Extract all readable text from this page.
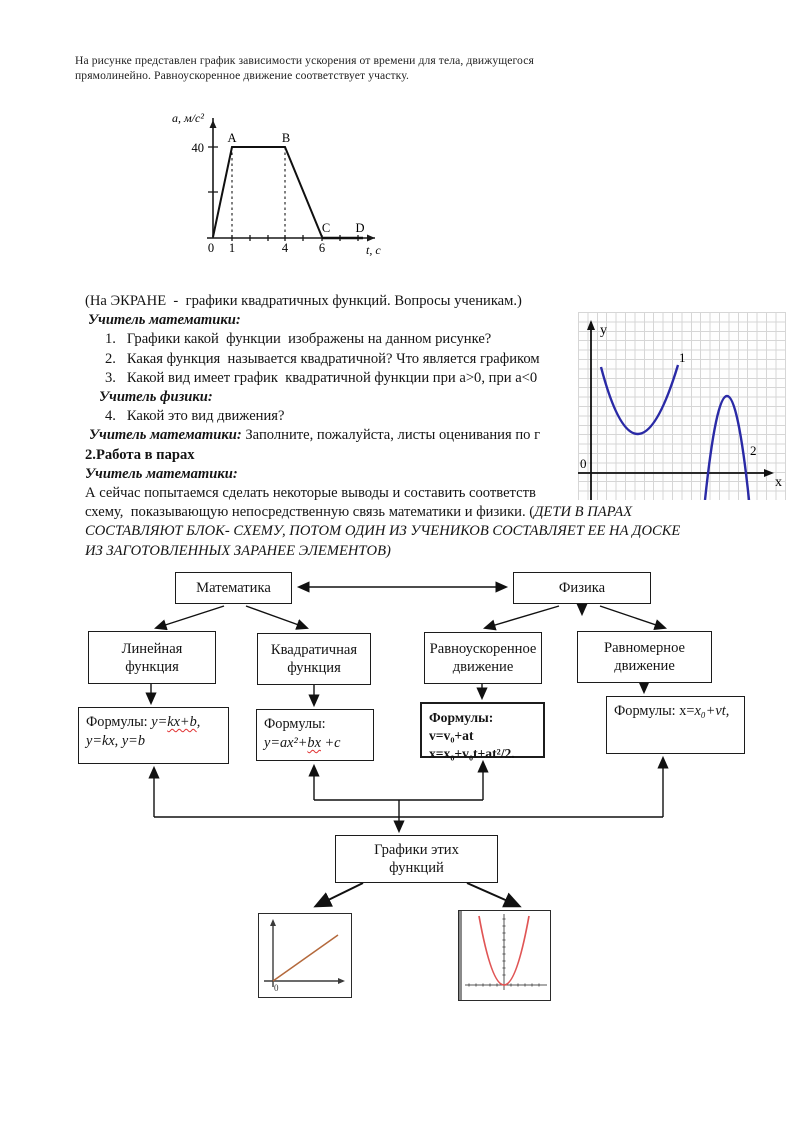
На рисунке представлен график зависимости ускорения от времени для тела, движущегося
прямолинейно. Равноускоренное движение соответствует участку.
а, м/с²
t, с
40
A	B
C D
0 1	4 6
(На ЭКРАНЕ  -  графики квадратичных функций. Вопросы ученикам.)
Учитель математики:
1.   Графики какой  функции  изображены на данном рисунке?
2.   Какая функция  называется квадратичной? Что является графиком
3.   Какой вид имеет график  квадратичной функции при a>0, при a<0
Учитель физики:
4.   Какой это вид движения?
Учитель математики: Заполните, пожалуйста, листы оценивания по г
2.Работа в парах
Учитель математики:
А сейчас попытаемся сделать некоторые выводы и составить соответств
схему,  показывающую непосредственную связь математики и физики. (ДЕТИ В ПАРАХ
СОСТАВЛЯЮТ БЛОК- СХЕМУ, ПОТОМ ОДИН ИЗ УЧЕНИКОВ СОСТАВЛЯЕТ ЕЕ НА ДОСКЕ
ИЗ ЗАГОТОВЛЕННЫХ ЗАРАНЕЕ ЭЛЕМЕНТОВ)
y
x
0
1
2
Математика	Физика
Линейная
функция
Квадратичная
функция
Равноускоренное
движение
Равномерное
движение
Формулы: y=kx+b,
y=kx, y=b
Формулы:
y=ax²+bx +c
Формулы: v=v₀+at
x=x₀+v₀t+at²/2.
Формулы: x=x₀+vt,
Графики этих
функций
0
